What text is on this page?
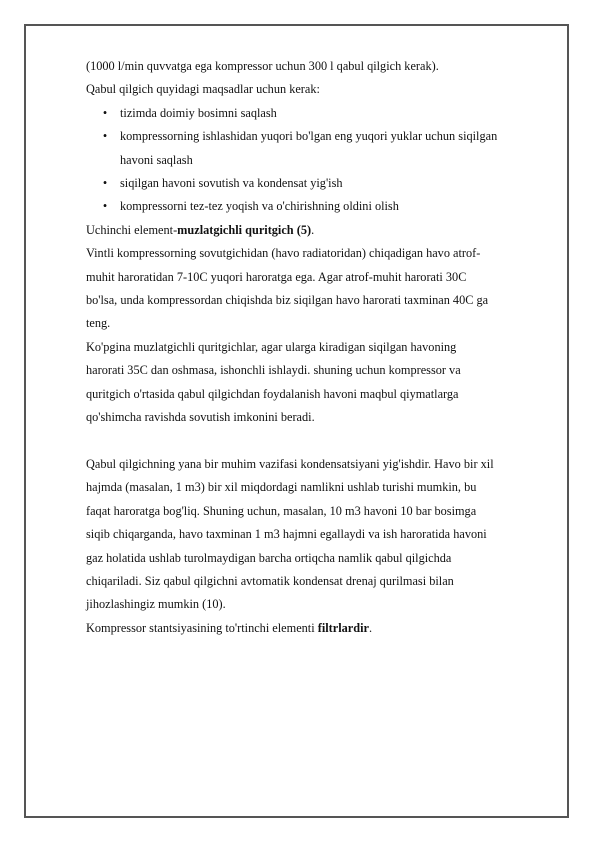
(1000 l/min quvvatga ega kompressor uchun 300 l qabul qilgich kerak).
Qabul qilgich quyidagi maqsadlar uchun kerak:
• tizimda doimiy bosimni saqlash
• kompressorning ishlashidan yuqori bo'lgan eng yuqori yuklar uchun siqilgan
havoni saqlash
• siqilgan havoni sovutish va kondensat yig'ish
• kompressorni tez-tez yoqish va o'chirishning oldini olish
Uchinchi element-muzlatgichli quritgich (5).
Vintli kompressorning sovutgichidan (havo radiatoridan) chiqadigan havo atrof-
muhit haroratidan 7-10C yuqori haroratga ega. Agar atrof-muhit harorati 30C
bo'lsa, unda kompressordan chiqishda biz siqilgan havo harorati taxminan 40C ga
teng.
Ko'pgina muzlatgichli quritgichlar, agar ularga kiradigan siqilgan havoning
harorati 35C dan oshmasa, ishonchli ishlaydi. shuning uchun kompressor va
quritgich o'rtasida qabul qilgichdan foydalanish havoni maqbul qiymatlarga
qo'shimcha ravishda sovutish imkonini beradi.
Qabul qilgichning yana bir muhim vazifasi kondensatsiyani yig'ishdir. Havo bir xil
hajmda (masalan, 1 m3) bir xil miqdordagi namlikni ushlab turishi mumkin, bu
faqat haroratga bog'liq. Shuning uchun, masalan, 10 m3 havoni 10 bar bosimga
siqib chiqarganda, havo taxminan 1 m3 hajmni egallaydi va ish haroratida havoni
gaz holatida ushlab turolmaydigan barcha ortiqcha namlik qabul qilgichda
chiqariladi. Siz qabul qilgichni avtomatik kondensat drenaj qurilmasi bilan
jihozlashingiz mumkin (10).
Kompressor stantsiyasining to'rtinchi elementi filtrlardir.
